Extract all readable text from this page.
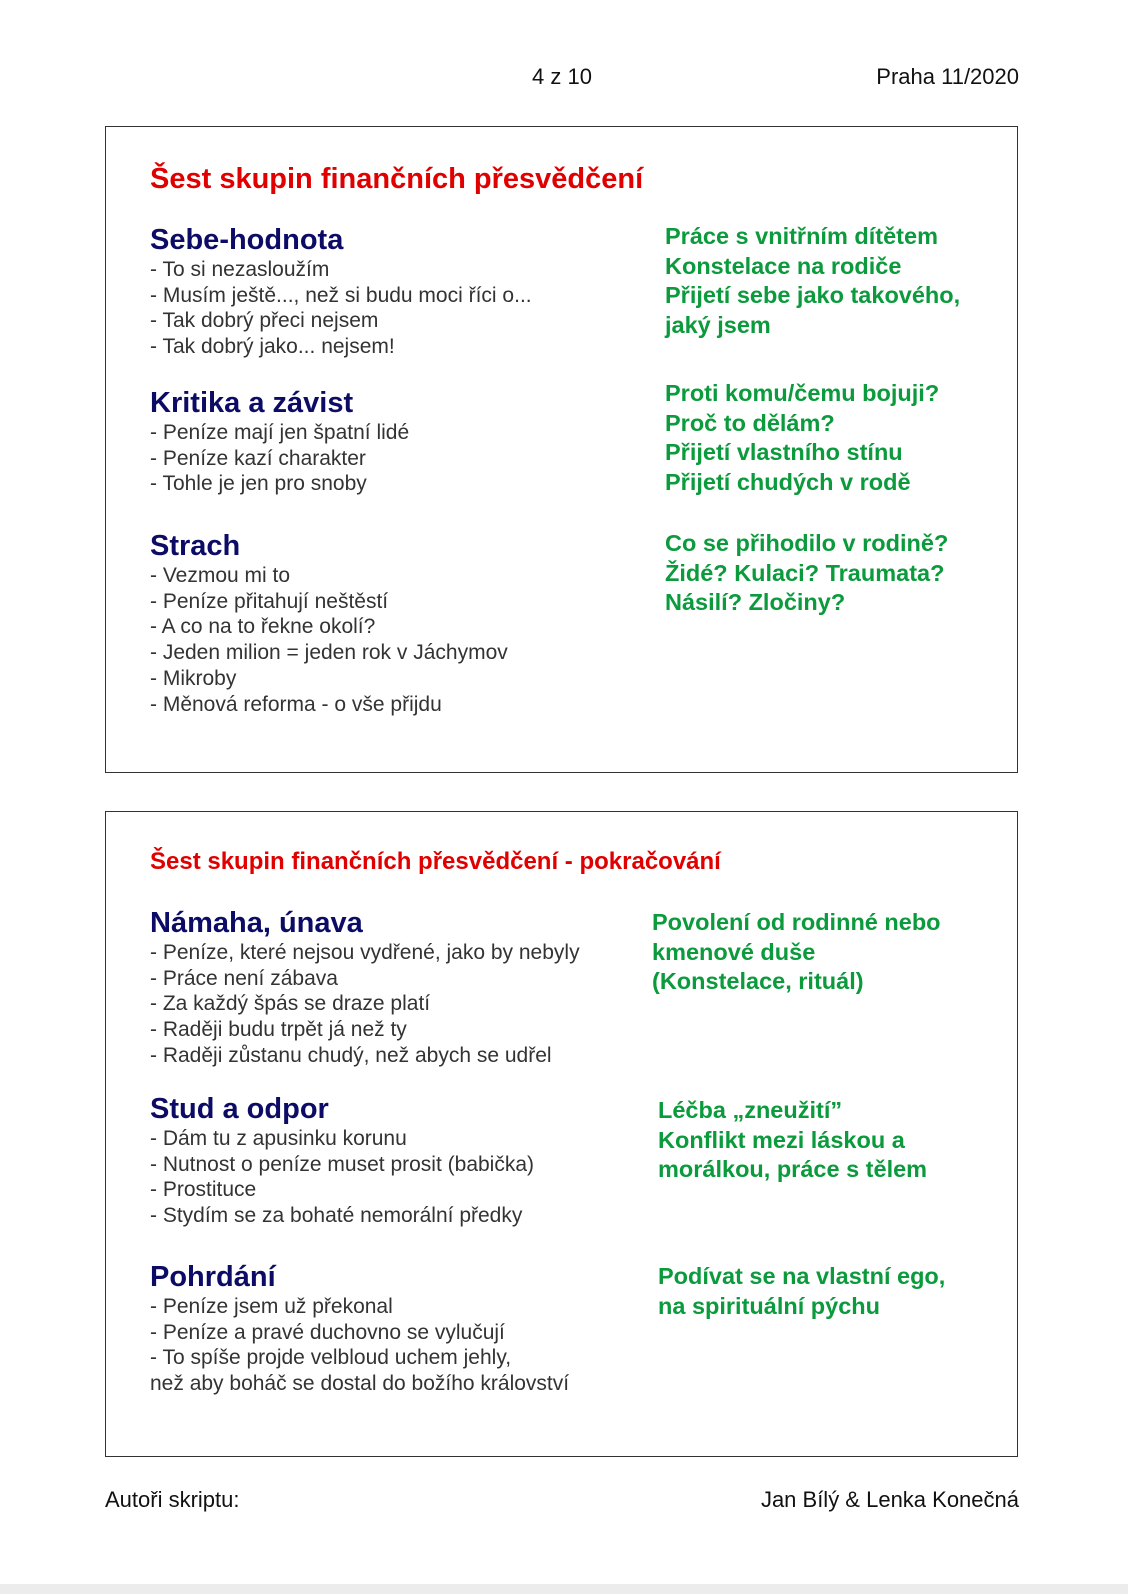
4 z 10	Praha 11/2020
Šest skupin finančních přesvědčení
Sebe-hodnota
- To si nezasloužím
- Musím ještě..., než si budu moci říci o...
- Tak dobrý přeci nejsem
- Tak dobrý jako... nejsem!
Kritika a závist
- Peníze mají jen špatní lidé
- Peníze kazí charakter
- Tohle je jen pro snoby
Strach
- Vezmou mi to
- Peníze přitahují neštěstí
- A co na to řekne okolí?
- Jeden milion = jeden rok v Jáchymov
- Mikroby
- Měnová reforma - o vše přijdu
Práce s vnitřním dítětem
Konstelace na rodiče
Přijetí sebe jako takového,
jaký jsem
Proti komu/čemu bojuji?
Proč to dělám?
Přijetí vlastního stínu
Přijetí chudých v rodě
Co se přihodilo v rodině?
Židé? Kulaci? Traumata?
Násilí? Zločiny?
Šest skupin finančních přesvědčení - pokračování
Námaha, únava
- Peníze, které nejsou vydřené, jako by nebyly
- Práce není zábava
- Za každý špás se draze platí
- Raději budu trpět já než ty
- Raději zůstanu chudý, než abych se udřel
Stud a odpor
- Dám tu z apusinku korunu
- Nutnost o peníze muset prosit (babička)
- Prostituce
- Stydím se za bohaté nemorální předky
Pohrdání
- Peníze jsem už překonal
- Peníze a pravé duchovno se vylučují
- To spíše projde velbloud uchem jehly,
než aby boháč se dostal do božího království
Povolení od rodinné nebo
kmenové duše
(Konstelace, rituál)
Léčba „zneužití”
Konflikt mezi láskou a
morálkou, práce s tělem
Podívat se na vlastní ego,
na spirituální pýchu
Autoři skriptu:	Jan Bílý & Lenka Konečná
